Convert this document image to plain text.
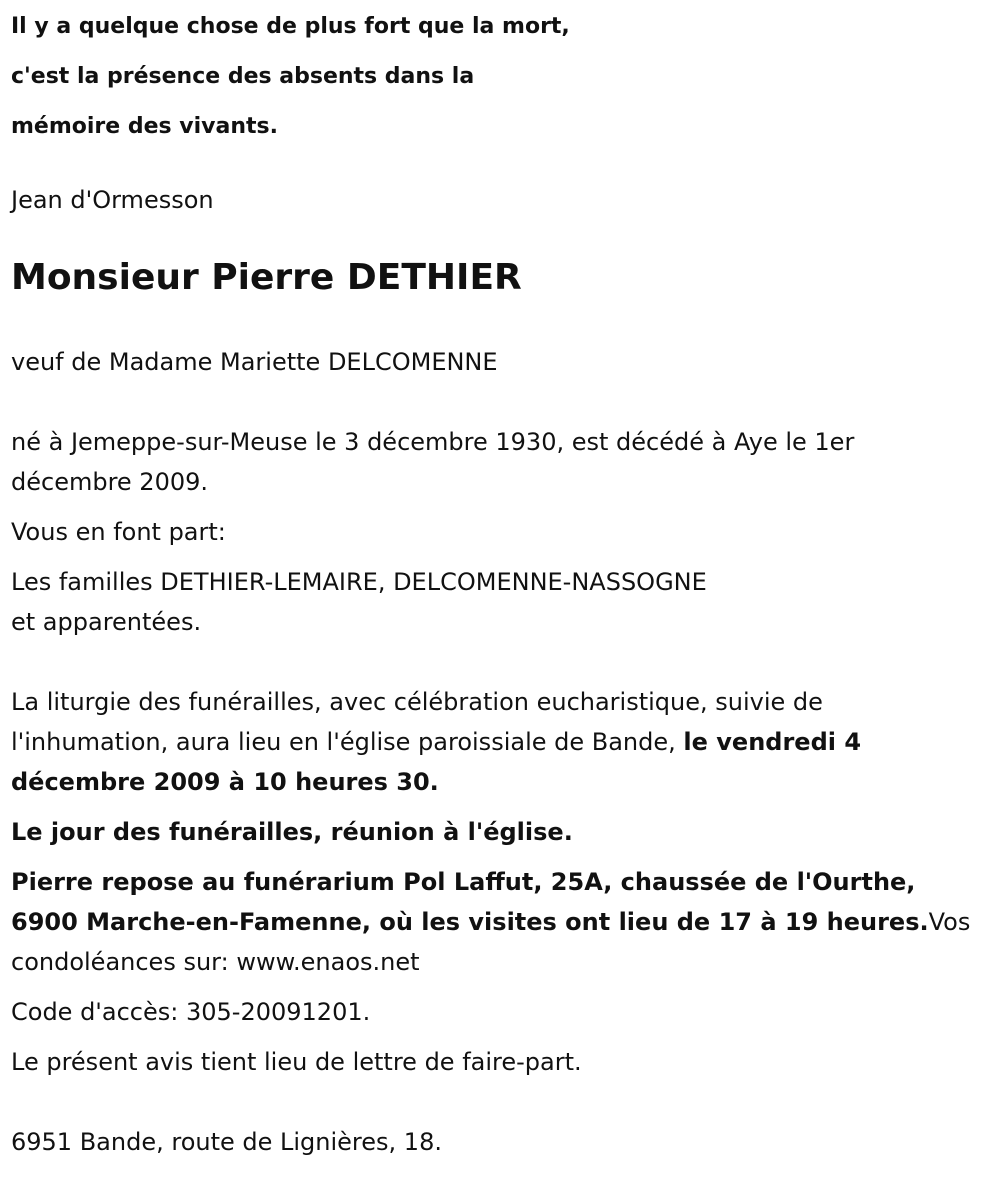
Il y a quelque chose de plus fort que la mort,
c'est la présence des absents dans la
mémoire des vivants.
Jean d'Ormesson
Monsieur Pierre DETHIER
veuf de Madame Mariette DELCOMENNE
né à Jemeppe-sur-Meuse le 3 décembre 1930, est décédé à Aye le 1er
décembre 2009.
Vous en font part:
Les familles DETHIER-LEMAIRE, DELCOMENNE-NASSOGNE
et apparentées.
La liturgie des funérailles, avec célébration eucharistique, suivie de
l'inhumation, aura lieu en l'église paroissiale de Bande, le vendredi 4
décembre 2009 à 10 heures 30.
Le jour des funérailles, réunion à l'église.
Pierre repose au funérarium Pol Laffut, 25A, chaussée de l'Ourthe,
6900 Marche-en-Famenne, où les visites ont lieu de 17 à 19 heures.Vos
condoléances sur: www.enaos.net
Code d'accès: 305-20091201.
Le présent avis tient lieu de lettre de faire-part.
6951 Bande, route de Lignières, 18.
